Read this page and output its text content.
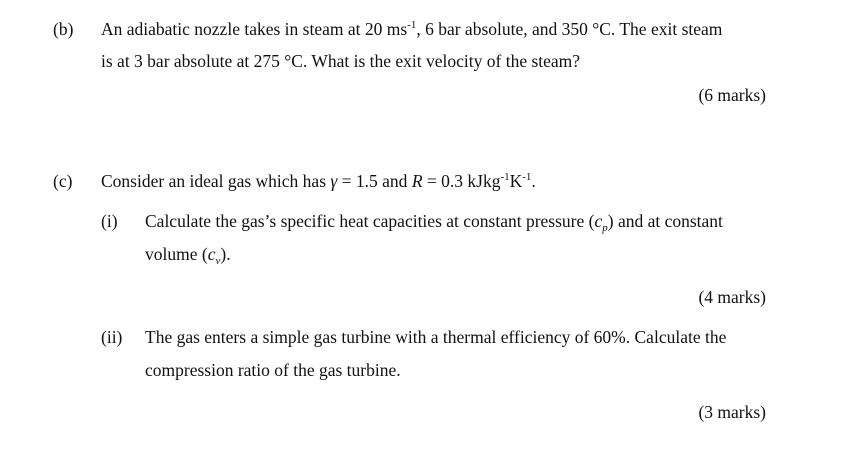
(b) An adiabatic nozzle takes in steam at 20 $ms^{-1}$, 6 bar absolute, and 350 °C. The exit steam
is at 3 bar absolute at 275 °C. What is the exit velocity of the steam?
(6 marks)
(c) Consider an ideal gas which has γ = 1.5 and R = 0.3 $kJkg^{-1}K^{-1}$.
(i) Calculate the gas’s specific heat capacities at constant pressure $(c_p)$ and at constant
volume $(c_v)$.
(4 marks)
(ii) The gas enters a simple gas turbine with a thermal efficiency of 60%. Calculate the
compression ratio of the gas turbine.
(3 marks)
